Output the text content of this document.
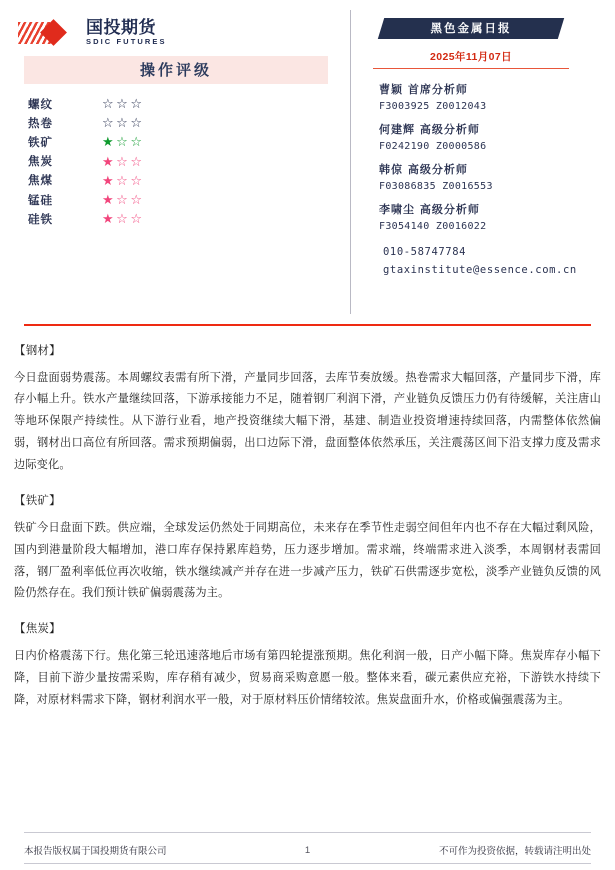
国投期货
SDIC FUTURES
操作评级
螺纹	☆☆☆
热卷	☆☆☆
铁矿	★☆☆
焦炭	★☆☆
焦煤	★☆☆
锰硅	★☆☆
硅铁	★☆☆
黑色金属日报
2025年11月07日
曹颖 首席分析师
F3003925 Z0012043
何建辉 高级分析师
F0242190 Z0000586
韩倞 高级分析师
F03086835 Z0016553
李啸尘 高级分析师
F3054140 Z0016022
010-58747784
gtaxinstitute@essence.com.cn
【钢材】
今日盘面弱势震荡。本周螺纹表需有所下滑，产量同步回落，去库节奏放缓。热卷需求大幅回落，产量同步下滑，库存小幅上升。铁水产量继续回落，下游承接能力不足，随着钢厂利润下滑，产业链负反馈压力仍有待缓解，关注唐山等地环保限产持续性。从下游行业看，地产投资继续大幅下滑，基建、制造业投资增速持续回落，内需整体依然偏弱，钢材出口高位有所回落。需求预期偏弱，出口边际下滑，盘面整体依然承压，关注震荡区间下沿支撑力度及需求边际变化。
【铁矿】
铁矿今日盘面下跌。供应端，全球发运仍然处于同期高位，未来存在季节性走弱空间但年内也不存在大幅过剩风险，国内到港量阶段大幅增加，港口库存保持累库趋势，压力逐步增加。需求端，终端需求进入淡季，本周钢材表需回落，钢厂盈利率低位再次收缩，铁水继续减产并存在进一步减产压力，铁矿石供需逐步宽松，淡季产业链负反馈的风险仍然存在。我们预计铁矿偏弱震荡为主。
【焦炭】
日内价格震荡下行。焦化第三轮迅速落地后市场有第四轮提涨预期。焦化利润一般，日产小幅下降。焦炭库存小幅下降，目前下游少量按需采购，库存稍有减少，贸易商采购意愿一般。整体来看，碳元素供应充裕，下游铁水持续下降，对原材料需求下降，钢材利润水平一般，对于原材料压价情绪较浓。焦炭盘面升水，价格或偏强震荡为主。
本报告版权属于国投期货有限公司	1	不可作为投资依据，转载请注明出处
